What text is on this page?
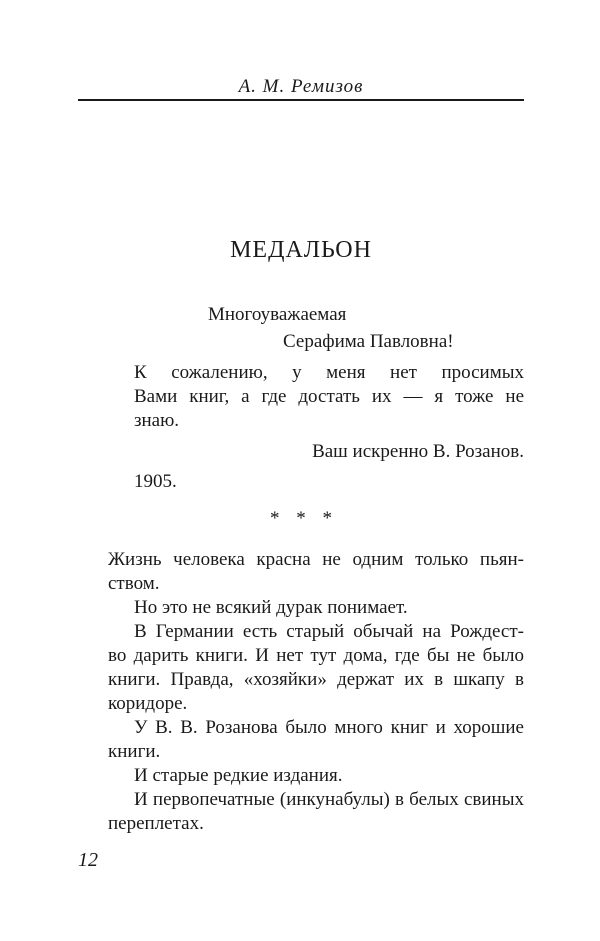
А. М. Ремизов
МЕДАЛЬОН
Многоуважаемая
Серафима Павловна!
К сожалению, у меня нет просимых
Вами книг, а где достать их — я тоже не
знаю.
Ваш искренно В. Розанов.
1905.
* * *
Жизнь человека красна не одним только пьян-
ством.
Но это не всякий дурак понимает.
В Германии есть старый обычай на Рождест-
во дарить книги. И нет тут дома, где бы не было
книги. Правда, «хозяйки» держат их в шкапу в
коридоре.
У В. В. Розанова было много книг и хорошие
книги.
И старые редкие издания.
И первопечатные (инкунабулы) в белых свиных
переплетах.
12
